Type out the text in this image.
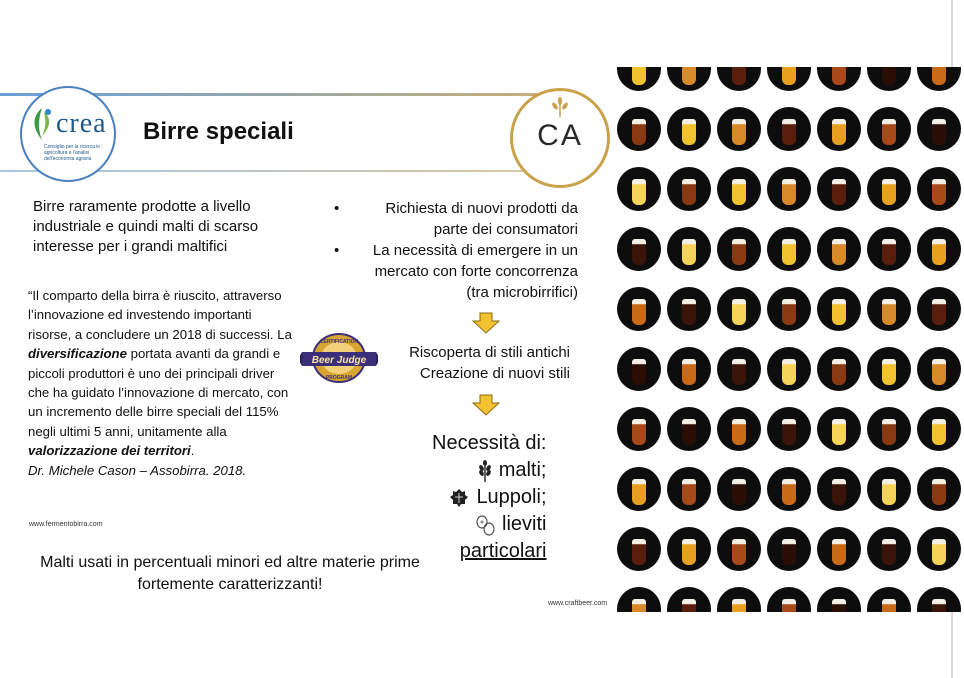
crea
Consiglio per la ricerca in agricoltura e l'analisi dell'economia agraria
Birre speciali	CA
Birre raramente prodotte a livello industriale e quindi malti di scarso interesse per i grandi maltifici
“Il comparto della birra è riuscito, attraverso l’innovazione ed investendo importanti risorse, a concludere un 2018 di successi. La diversificazione portata avanti da grandi e piccoli produttori è uno dei principali driver che ha guidato l’innovazione di mercato, con un incremento delle birre speciali del 115% negli ultimi 5 anni, unitamente alla valorizzazione dei territori.
Dr. Michele Cason – Assobirra. 2018.
www.fermentobirra.com
Malti usati in percentuali minori ed altre materie prime fortemente caratterizzanti!
• Richiesta di nuovi prodotti da parte dei consumatori
• La necessità di emergere in un mercato con forte concorrenza (tra microbirrifici)
CERTIFICATION
Beer Judge
PROGRAM
Riscoperta di stili antichi
Creazione di nuovi stili
Necessità di:
malti;
Luppoli;
lieviti
particolari
www.craftbeer.com
